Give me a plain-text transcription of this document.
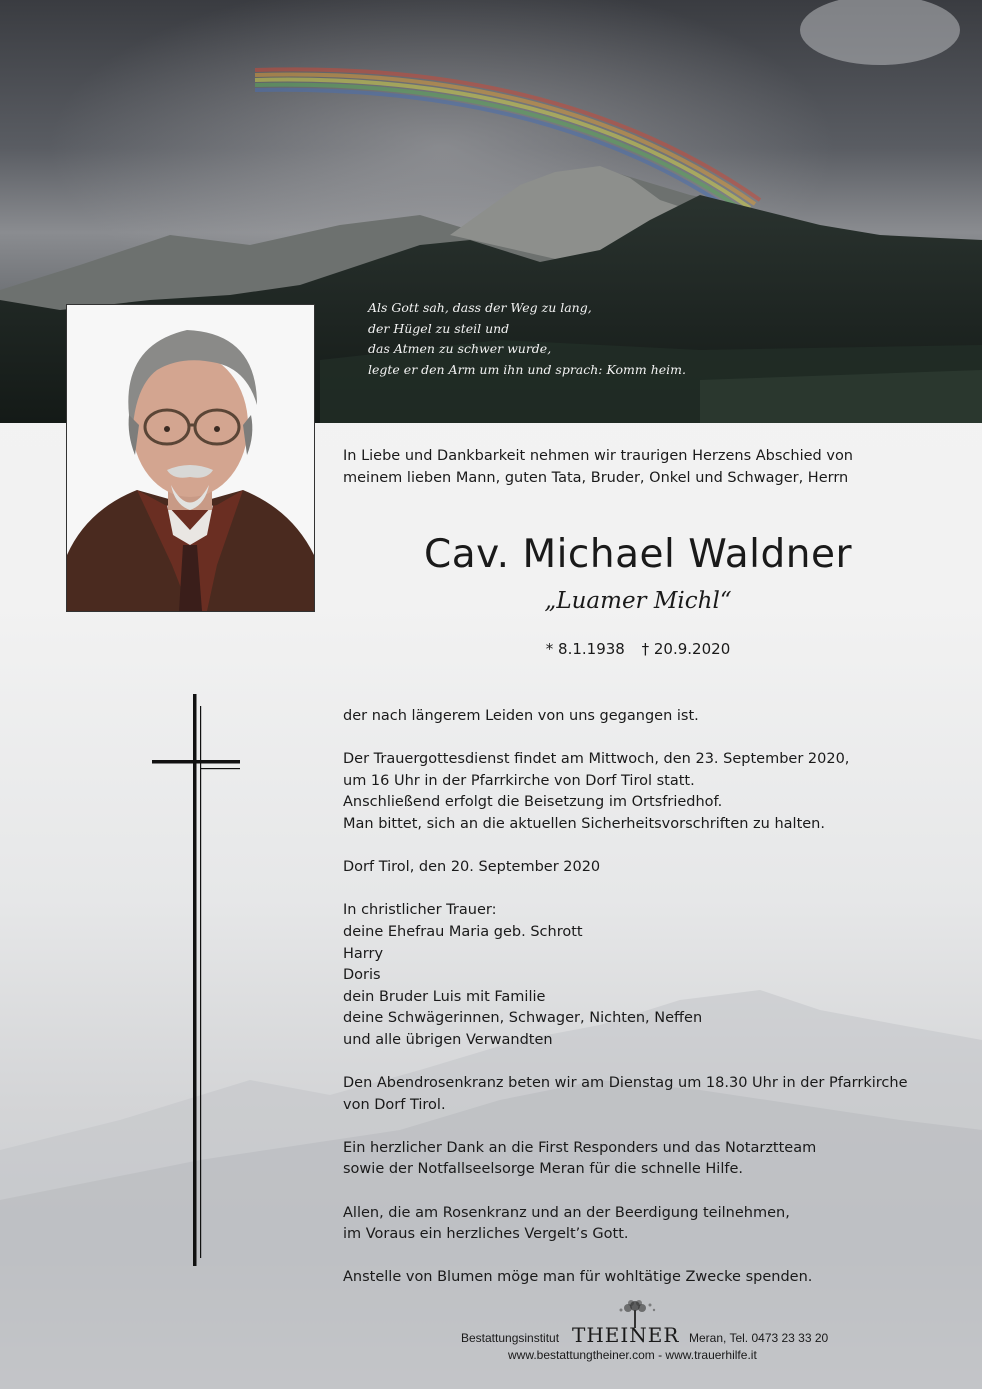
Als Gott sah, dass der Weg zu lang,
der Hügel zu steil und
das Atmen zu schwer wurde,
legte er den Arm um ihn und sprach: Komm heim.
In Liebe und Dankbarkeit nehmen wir traurigen Herzens Abschied von
meinem lieben Mann, guten Tata, Bruder, Onkel und Schwager, Herrn
Cav. Michael Waldner
„Luamer Michl“
* 8.1.1938 † 20.9.2020
der nach längerem Leiden von uns gegangen ist.
Der Trauergottesdienst findet am Mittwoch, den 23. September 2020,
um 16 Uhr in der Pfarrkirche von Dorf Tirol statt.
Anschließend erfolgt die Beisetzung im Ortsfriedhof.
Man bittet, sich an die aktuellen Sicherheitsvorschriften zu halten.
Dorf Tirol, den 20. September 2020
In christlicher Trauer:
deine Ehefrau Maria geb. Schrott
Harry
Doris
dein Bruder Luis mit Familie
deine Schwägerinnen, Schwager, Nichten, Neffen
und alle übrigen Verwandten
Den Abendrosenkranz beten wir am Dienstag um 18.30 Uhr in der Pfarrkirche
von Dorf Tirol.
Ein herzlicher Dank an die First Responders und das Notarztteam
sowie der Notfallseelsorge Meran für die schnelle Hilfe.
Allen, die am Rosenkranz und an der Beerdigung teilnehmen,
im Voraus ein herzliches Vergelt’s Gott.
Anstelle von Blumen möge man für wohltätige Zwecke spenden.
Bestattungsinstitut THEINER Meran, Tel. 0473 23 33 20
www.bestattungtheiner.com - www.trauerhilfe.it
